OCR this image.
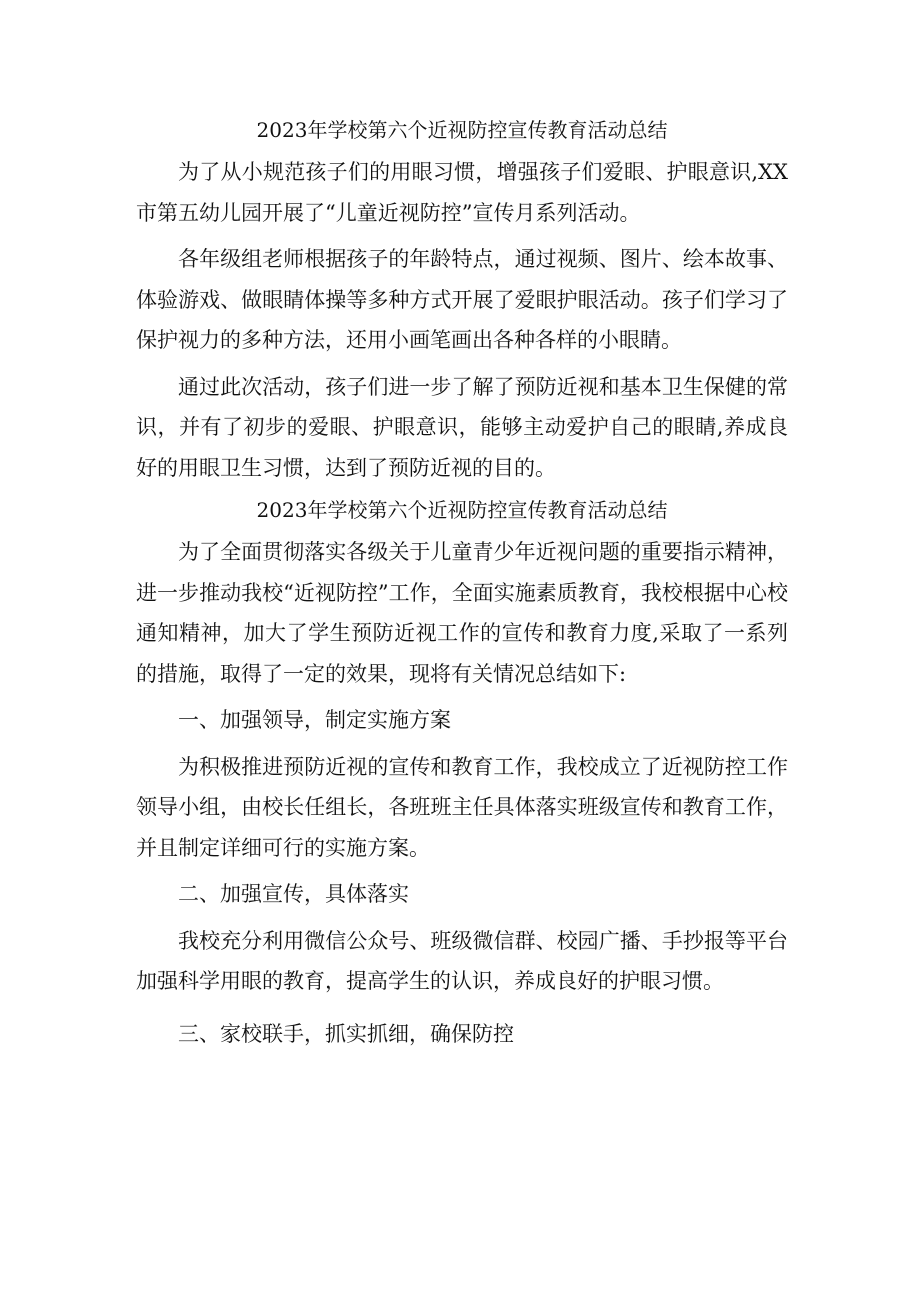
2023年学校第六个近视防控宣传教育活动总结

为了从小规范孩子们的用眼习惯，增强孩子们爱眼、护眼意识,XX市第五幼儿园开展了“儿童近视防控”宣传月系列活动。

各年级组老师根据孩子的年龄特点，通过视频、图片、绘本故事、体验游戏、做眼睛体操等多种方式开展了爱眼护眼活动。孩子们学习了保护视力的多种方法，还用小画笔画出各种各样的小眼睛。

通过此次活动，孩子们进一步了解了预防近视和基本卫生保健的常识，并有了初步的爱眼、护眼意识，能够主动爱护自己的眼睛,养成良好的用眼卫生习惯，达到了预防近视的目的。

2023年学校第六个近视防控宣传教育活动总结

为了全面贯彻落实各级关于儿童青少年近视问题的重要指示精神，进一步推动我校“近视防控”工作，全面实施素质教育，我校根据中心校通知精神，加大了学生预防近视工作的宣传和教育力度,采取了一系列的措施，取得了一定的效果，现将有关情况总结如下:

一、加强领导，制定实施方案

为积极推进预防近视的宣传和教育工作，我校成立了近视防控工作领导小组，由校长任组长，各班班主任具体落实班级宣传和教育工作，并且制定详细可行的实施方案。

二、加强宣传，具体落实

我校充分利用微信公众号、班级微信群、校园广播、手抄报等平台加强科学用眼的教育，提高学生的认识，养成良好的护眼习惯。

三、家校联手，抓实抓细，确保防控
